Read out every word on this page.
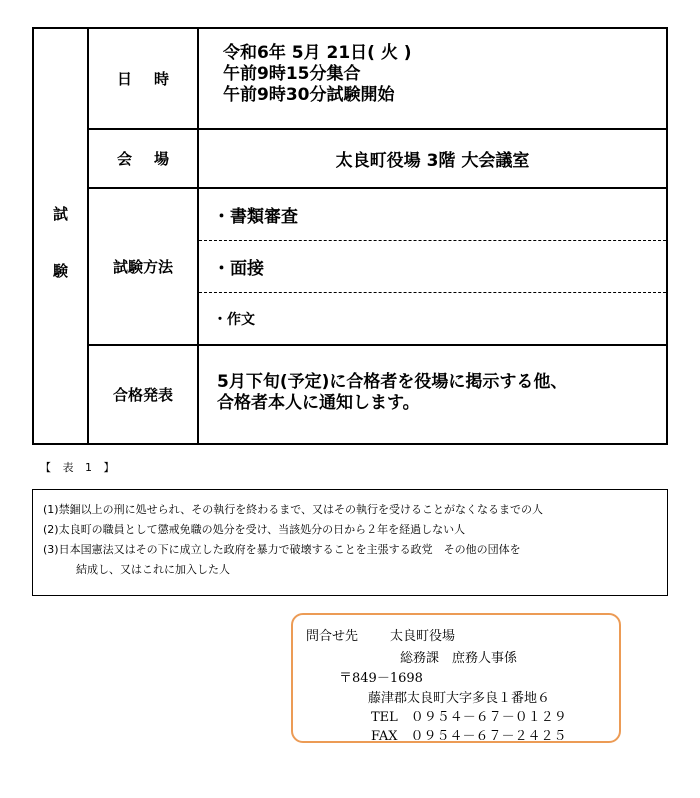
試
験
日時
令和6年 5月 21日( 火 )
午前9時15分集合
午前9時30分試験開始
会場	太良町役場 3階 大会議室
試験方法
・書類審査
・面接
・作文
合格発表
5月下旬(予定)に合格者を役場に掲示する他、
合格者本人に通知します。
【 表 1 】
(1)禁錮以上の刑に処せられ、その執行を終わるまで、又はその執行を受けることがなくなるまでの人
(2)太良町の職員として懲戒免職の処分を受け、当該処分の日から２年を経過しない人
(3)日本国憲法又はその下に成立した政府を暴力で破壊することを主張する政党　その他の団体を
結成し、又はこれに加入した人
問合せ先 太良町役場
総務課　庶務人事係
〒849－1698
藤津郡太良町大字多良１番地６
TEL　０９５４－６７－０１２９
FAX　０９５４－６７－２４２５
